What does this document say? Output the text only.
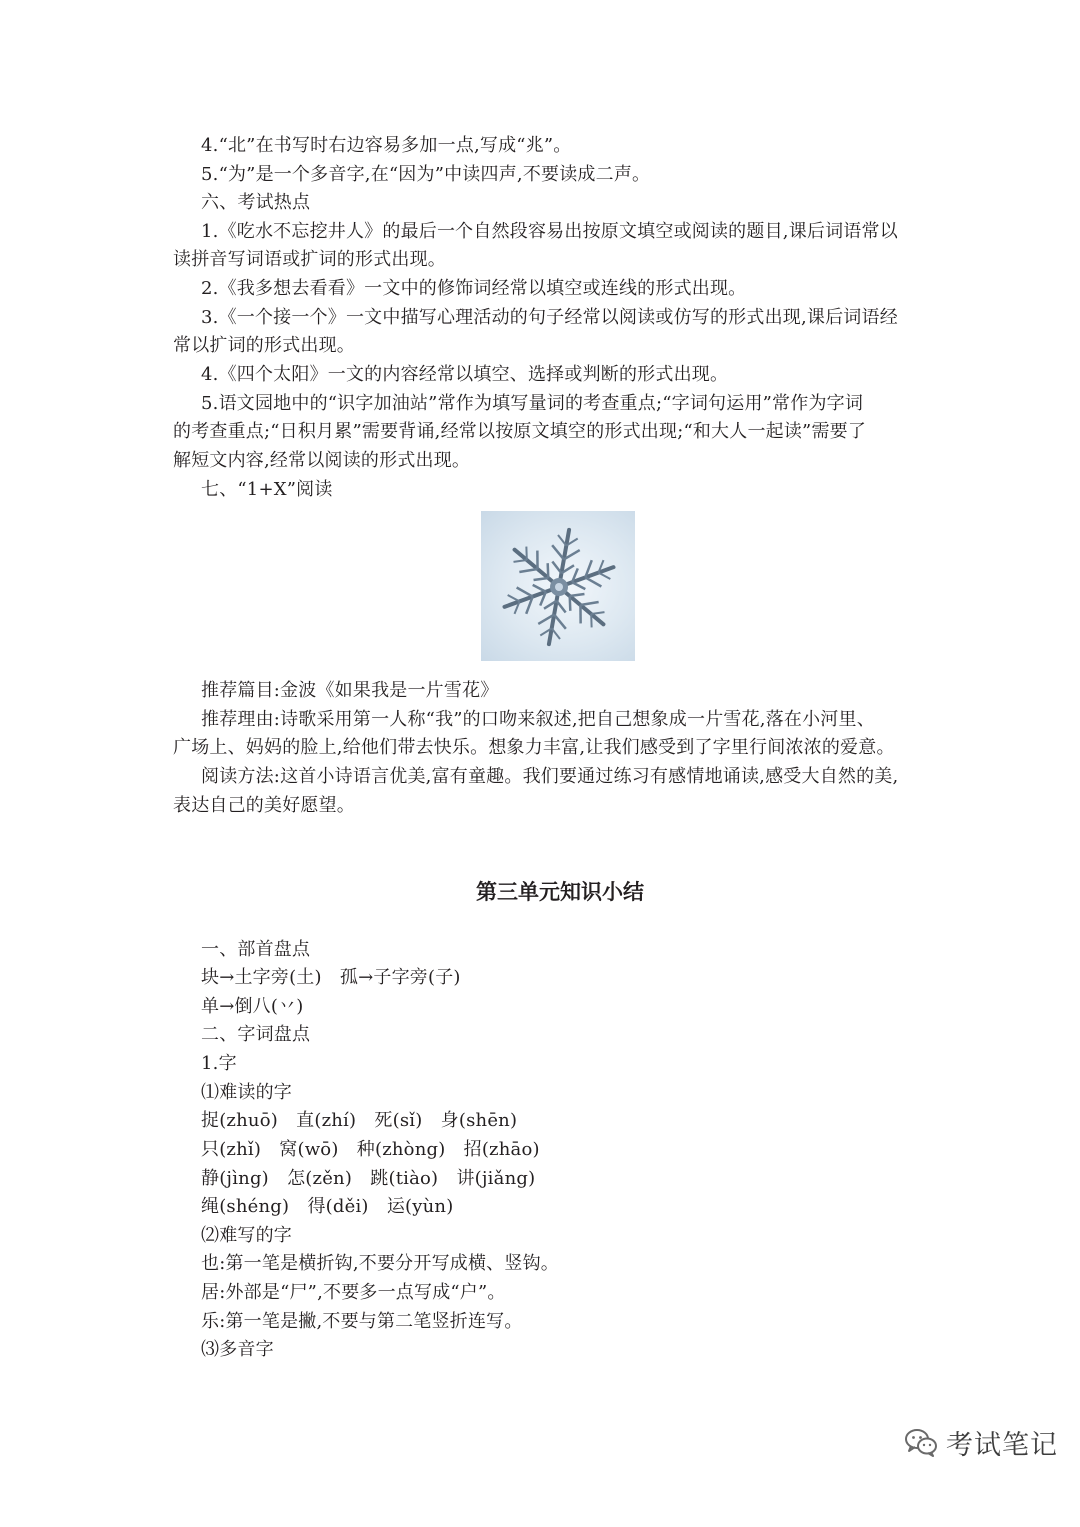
4.“北”在书写时右边容易多加一点,写成“兆”。
5.“为”是一个多音字,在“因为”中读四声,不要读成二声。
六、考试热点
1.《吃水不忘挖井人》的最后一个自然段容易出按原文填空或阅读的题目,课后词语常以
读拼音写词语或扩词的形式出现。
2.《我多想去看看》一文中的修饰词经常以填空或连线的形式出现。
3.《一个接一个》一文中描写心理活动的句子经常以阅读或仿写的形式出现,课后词语经
常以扩词的形式出现。
4.《四个太阳》一文的内容经常以填空、选择或判断的形式出现。
5.语文园地中的“识字加油站”常作为填写量词的考查重点;“字词句运用”常作为字词
的考查重点;“日积月累”需要背诵,经常以按原文填空的形式出现;“和大人一起读”需要了
解短文内容,经常以阅读的形式出现。
七、“1+X”阅读
推荐篇目:金波《如果我是一片雪花》
推荐理由:诗歌采用第一人称“我”的口吻来叙述,把自己想象成一片雪花,落在小河里、
广场上、妈妈的脸上,给他们带去快乐。想象力丰富,让我们感受到了字里行间浓浓的爱意。
阅读方法:这首小诗语言优美,富有童趣。我们要通过练习有感情地诵读,感受大自然的美,
表达自己的美好愿望。
第三单元知识小结
一、部首盘点
块→土字旁(土)　孤→子字旁(子)
单→倒八(丷)
二、字词盘点
1.字
⑴难读的字
捉(zhuō)　直(zhí)　死(sǐ)　身(shēn)
只(zhǐ)　窝(wō)　种(zhòng)　招(zhāo)
静(jìng)　怎(zěn)　跳(tiào)　讲(jiǎng)
绳(shéng)　得(děi)　运(yùn)
⑵难写的字
也:第一笔是横折钩,不要分开写成横、竖钩。
居:外部是“尸”,不要多一点写成“户”。
乐:第一笔是撇,不要与第二笔竖折连写。
⑶多音字
考试笔记
